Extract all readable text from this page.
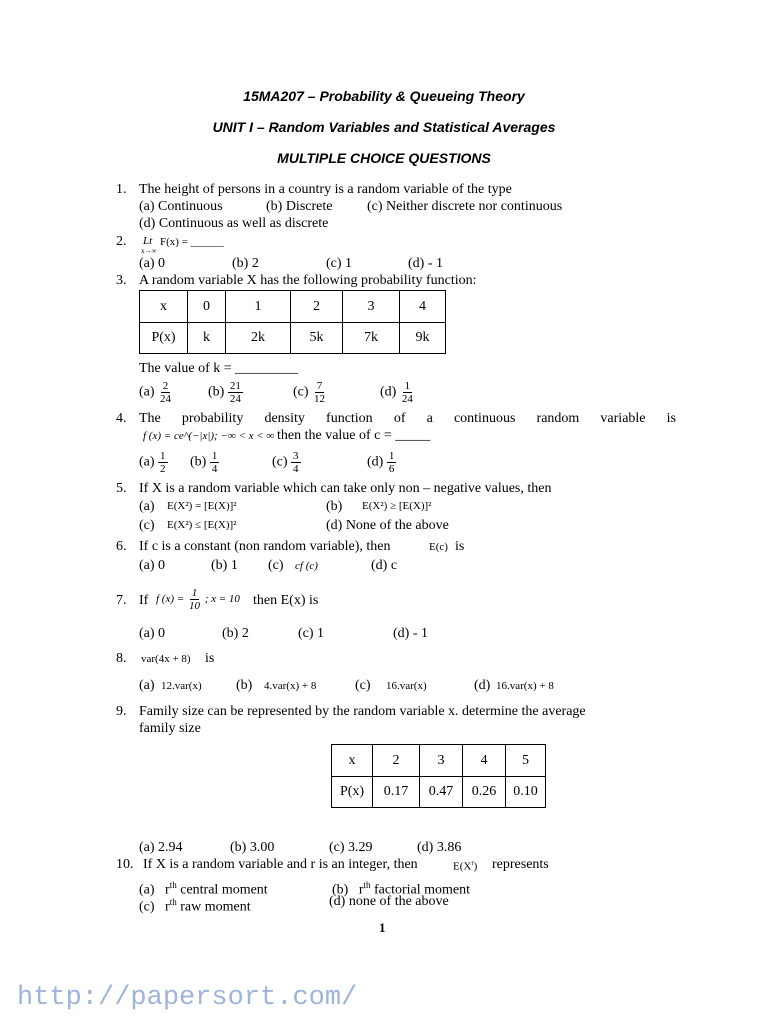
15MA207 – Probability & Queueing Theory
UNIT I – Random Variables and Statistical Averages
MULTIPLE CHOICE QUESTIONS
1. The height of persons in a country is a random variable of the type
(a) Continuous	(b) Discrete (c) Neither discrete nor continuous
(d) Continuous as well as discrete
2. Lt
x→∞
F(x) = ______
(a) 0	(b) 2	(c) 1	(d) - 1
3. A random variable X has the following probability function:
x	0	1	2	3	4
P(x)	k	2k	5k	7k	9k
The value of k = _________
$(a) \frac{2}{24} (b) \frac{21}{24}$	$(c) \frac{7}{12}$	$(d) \frac{1}{24}$
4. The probability density function of a continuous random variable is
f (x) = ce^(−|x|); −∞ < x < ∞ then the value of c = _____
$(a) \frac{1}{2} (b) \frac{1}{4}$	$(c) \frac{3}{4}$	$(d) \frac{1}{6}$
5. If X is a random variable which can take only non – negative values, then
(a) E(X²) = [E(X)]²	(b) E(X²) ≥ [E(X)]²
(c) E(X²) ≤ [E(X)]²	(d) None of the above
6. If c is a constant (non random variable), then	E(c) is
(a) 0	(b) 1 (c) cf (c)	(d) c
7. If f $(x) = \frac{1}{10}$ ; x = 10 then E(x) is
(a) 0	(b) 2	(c) 1	(d) - 1
8. var(4x + 8) is
(a) 12.var(x) (b) 4.var(x) + 8	(c) 16.var(x)	(d) 16.var(x) + 8
9. Family size can be represented by the random variable x. determine the average
family size
x	2	3	4	5
P(x)	0.17	0.47	0.26	0.10
(a) 2.94	(b) 3.00	(c) 3.29	(d) 3.86
10. If X is a random variable and r is an integer, then	$E(X^r)$ represents
(a) $r^{th}$ central moment	(b) $r^{th}$ factorial moment
(c) $r^{th}$ raw moment	(d) none of the above
1
http://papersort.com/
